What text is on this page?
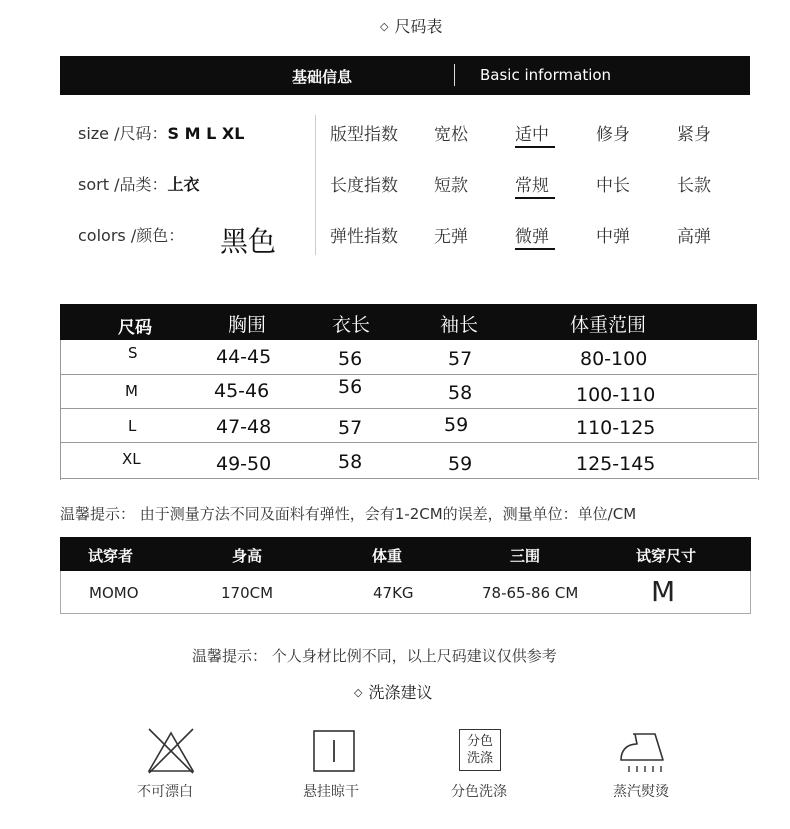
◇ 尺码表
基础信息	Basic information
size /尺码：S M L XL
sort /品类：上衣
colors /颜色： 黑色
版型指数 宽松	适中	修身	紧身
长度指数 短款	常规	中长	长款
弹性指数 无弹	微弹	中弹	高弹
尺码	胸围	衣长	袖长	体重范围
S	44-45	56	57	80-100
M	45-46	56	58	100-110
L	47-48	57	59	110-125
XL	49-50	58	59	125-145
温馨提示： 由于测量方法不同及面料有弹性，会有1-2CM的误差，测量单位：单位/CM
试穿者	身高	体重	三围	试穿尺寸
MOMO	170CM	47KG	78-65-86 CM	M
温馨提示： 个人身材比例不同，以上尺码建议仅供参考
◇ 洗涤建议
不可漂白	悬挂晾干
分色
洗涤
分色洗涤	蒸汽熨烫
